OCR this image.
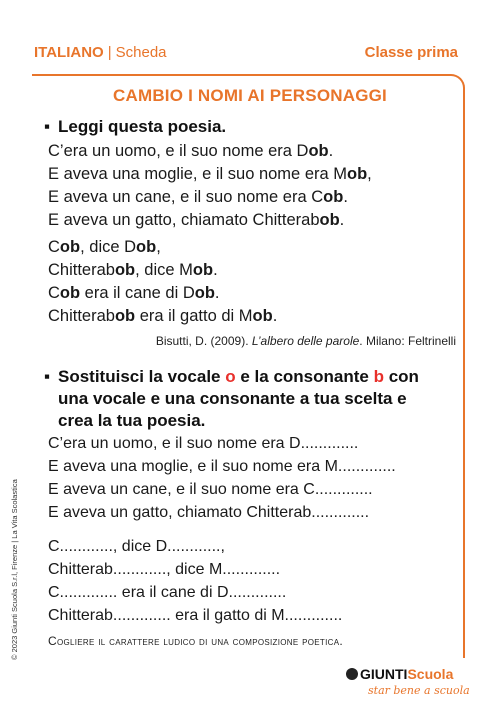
ITALIANO | Scheda	Classe prima
CAMBIO I NOMI AI PERSONAGGI
▪ Leggi questa poesia.
C’era un uomo, e il suo nome era Dob.
E aveva una moglie, e il suo nome era Mob,
E aveva un cane, e il suo nome era Cob.
E aveva un gatto, chiamato Chitterabob.
Cob, dice Dob,
Chitterabob, dice Mob.
Cob era il cane di Dob.
Chitterabob era il gatto di Mob.
Bisutti, D. (2009). L’albero delle parole. Milano: Feltrinelli
▪ Sostituisci la vocale o e la consonante b con
una vocale e una consonante a tua scelta e
crea la tua poesia.
C’era un uomo, e il suo nome era D.............
E aveva una moglie, e il suo nome era M.............
E aveva un cane, e il suo nome era C.............
E aveva un gatto, chiamato Chitterab.............
C............, dice D............,
Chitterab............, dice M.............
C............. era il cane di D.............
Chitterab............. era il gatto di M.............
Cogliere il carattere ludico di una composizione poetica.
© 2023 Giunti Scuola S.r.l, Firenze | La Vita Scolastica
GIUNTIScuola
star bene a scuola
